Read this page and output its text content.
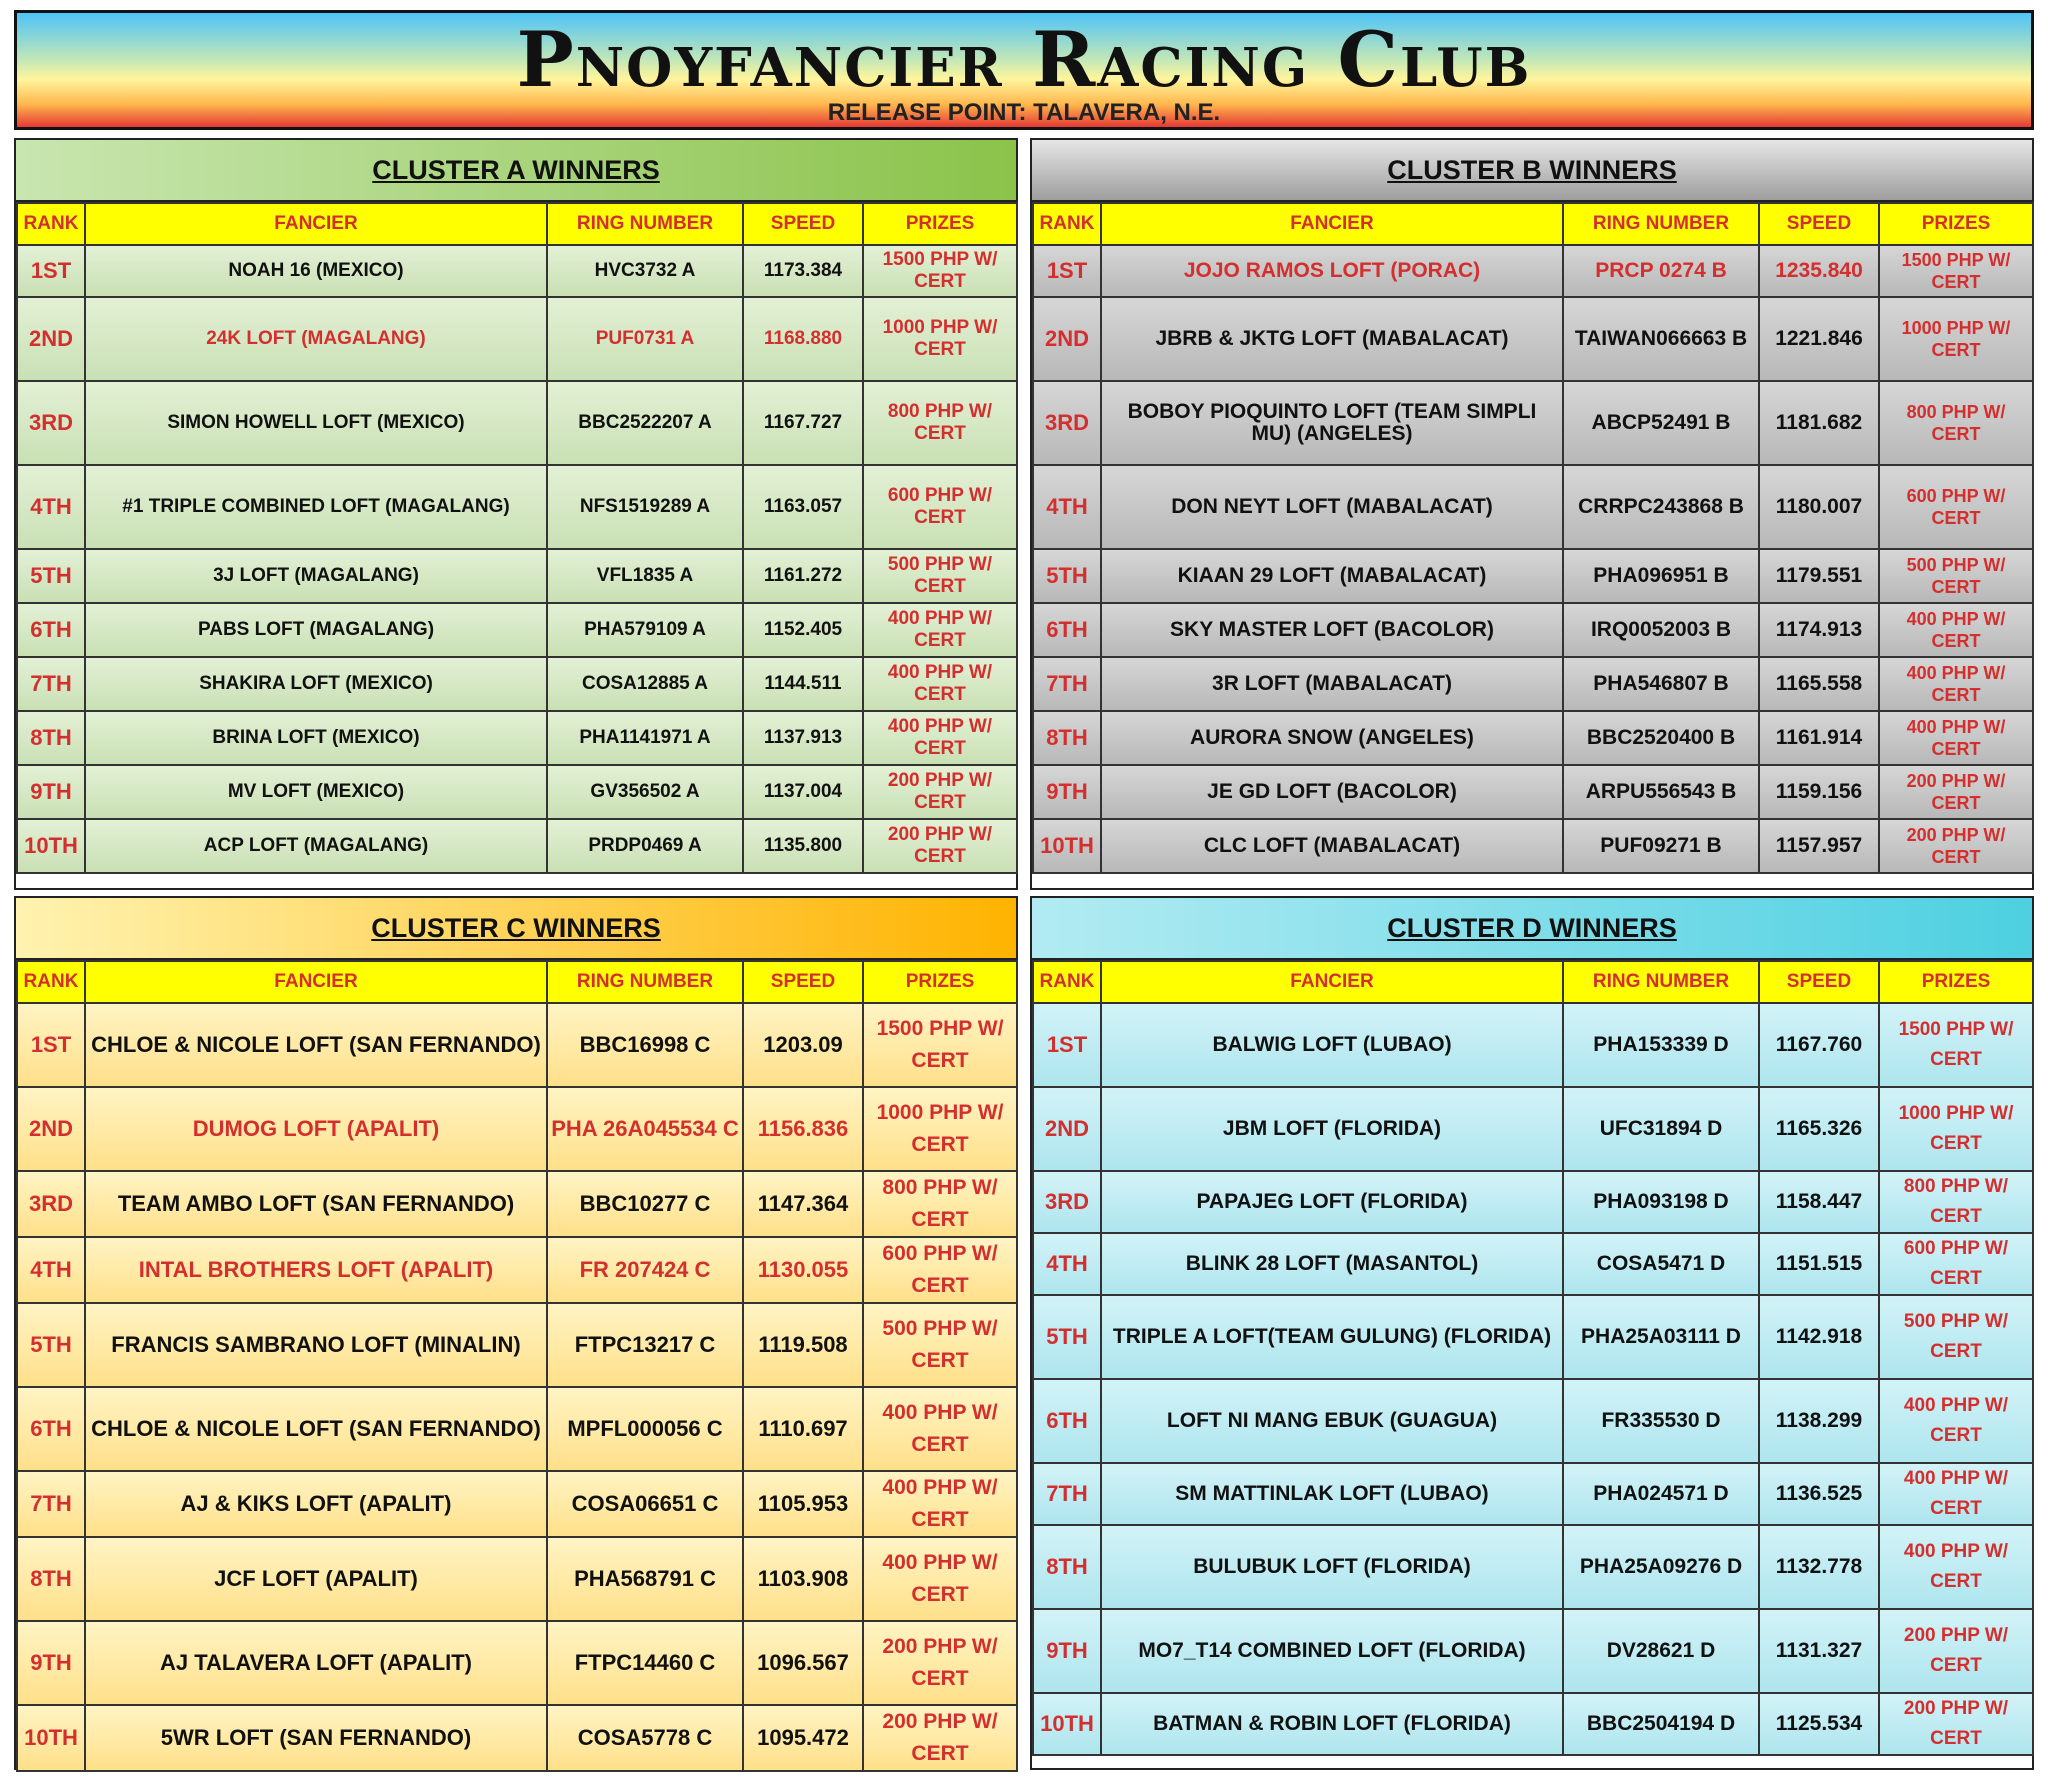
Pnoyfancier Racing Club
RELEASE POINT: TALAVERA, N.E.
CLUSTER A WINNERS
RANK	FANCIER	RING NUMBER	SPEED	PRIZES
1ST	NOAH 16 (MEXICO)	HVC3732 A	1173.384	1500 PHP W/ CERT
2ND	24K LOFT (MAGALANG)	PUF0731 A	1168.880	1000 PHP W/ CERT
3RD	SIMON HOWELL LOFT (MEXICO)	BBC2522207 A	1167.727	800 PHP W/ CERT
4TH	#1 TRIPLE COMBINED LOFT (MAGALANG)	NFS1519289 A	1163.057	600 PHP W/ CERT
5TH	3J LOFT (MAGALANG)	VFL1835 A	1161.272	500 PHP W/ CERT
6TH	PABS LOFT (MAGALANG)	PHA579109 A	1152.405	400 PHP W/ CERT
7TH	SHAKIRA LOFT (MEXICO)	COSA12885 A	1144.511	400 PHP W/ CERT
8TH	BRINA LOFT (MEXICO)	PHA1141971 A	1137.913	400 PHP W/ CERT
9TH	MV LOFT (MEXICO)	GV356502 A	1137.004	200 PHP W/ CERT
10TH	ACP LOFT (MAGALANG)	PRDP0469 A	1135.800	200 PHP W/ CERT
CLUSTER B WINNERS
RANK	FANCIER	RING NUMBER	SPEED	PRIZES
1ST	JOJO RAMOS LOFT (PORAC)	PRCP 0274 B	1235.840	1500 PHP W/ CERT
2ND	JBRB & JKTG LOFT (MABALACAT)	TAIWAN066663 B	1221.846	1000 PHP W/ CERT
3RD	BOBOY PIOQUINTO LOFT (TEAM SIMPLI MU) (ANGELES)	ABCP52491 B	1181.682	800 PHP W/ CERT
4TH	DON NEYT LOFT (MABALACAT)	CRRPC243868 B	1180.007	600 PHP W/ CERT
5TH	KIAAN 29 LOFT (MABALACAT)	PHA096951 B	1179.551	500 PHP W/ CERT
6TH	SKY MASTER LOFT (BACOLOR)	IRQ0052003 B	1174.913	400 PHP W/ CERT
7TH	3R LOFT (MABALACAT)	PHA546807 B	1165.558	400 PHP W/ CERT
8TH	AURORA SNOW (ANGELES)	BBC2520400 B	1161.914	400 PHP W/ CERT
9TH	JE GD LOFT (BACOLOR)	ARPU556543 B	1159.156	200 PHP W/ CERT
10TH	CLC LOFT (MABALACAT)	PUF09271 B	1157.957	200 PHP W/ CERT
CLUSTER C WINNERS
RANK	FANCIER	RING NUMBER	SPEED	PRIZES
1ST	CHLOE & NICOLE LOFT (SAN FERNANDO)	BBC16998 C	1203.09	1500 PHP W/ CERT
2ND	DUMOG LOFT (APALIT)	PHA 26A045534 C	1156.836	1000 PHP W/ CERT
3RD	TEAM AMBO LOFT (SAN FERNANDO)	BBC10277 C	1147.364	800 PHP W/ CERT
4TH	INTAL BROTHERS LOFT (APALIT)	FR 207424 C	1130.055	600 PHP W/ CERT
5TH	FRANCIS SAMBRANO LOFT (MINALIN)	FTPC13217 C	1119.508	500 PHP W/ CERT
6TH	CHLOE & NICOLE LOFT (SAN FERNANDO)	MPFL000056 C	1110.697	400 PHP W/ CERT
7TH	AJ & KIKS LOFT (APALIT)	COSA06651 C	1105.953	400 PHP W/ CERT
8TH	JCF LOFT (APALIT)	PHA568791 C	1103.908	400 PHP W/ CERT
9TH	AJ TALAVERA LOFT (APALIT)	FTPC14460 C	1096.567	200 PHP W/ CERT
10TH	5WR LOFT (SAN FERNANDO)	COSA5778 C	1095.472	200 PHP W/ CERT
CLUSTER D WINNERS
RANK	FANCIER	RING NUMBER	SPEED	PRIZES
1ST	BALWIG LOFT (LUBAO)	PHA153339 D	1167.760	1500 PHP W/ CERT
2ND	JBM LOFT (FLORIDA)	UFC31894 D	1165.326	1000 PHP W/ CERT
3RD	PAPAJEG LOFT (FLORIDA)	PHA093198 D	1158.447	800 PHP W/ CERT
4TH	BLINK 28 LOFT (MASANTOL)	COSA5471 D	1151.515	600 PHP W/ CERT
5TH	TRIPLE A LOFT(TEAM GULUNG) (FLORIDA)	PHA25A03111 D	1142.918	500 PHP W/ CERT
6TH	LOFT NI MANG EBUK (GUAGUA)	FR335530 D	1138.299	400 PHP W/ CERT
7TH	SM MATTINLAK LOFT (LUBAO)	PHA024571 D	1136.525	400 PHP W/ CERT
8TH	BULUBUK LOFT (FLORIDA)	PHA25A09276 D	1132.778	400 PHP W/ CERT
9TH	MO7_T14 COMBINED LOFT (FLORIDA)	DV28621 D	1131.327	200 PHP W/ CERT
10TH	BATMAN & ROBIN LOFT (FLORIDA)	BBC2504194 D	1125.534	200 PHP W/ CERT
